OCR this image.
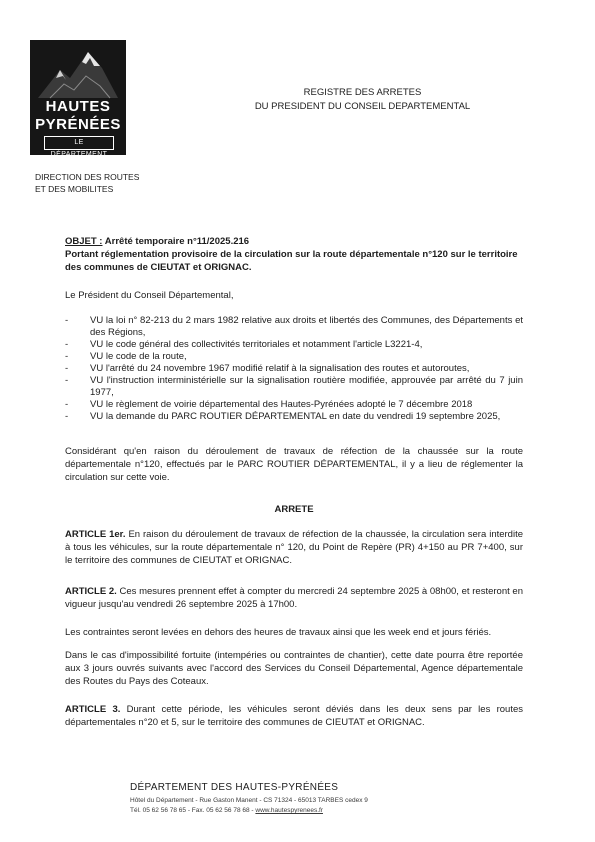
HAUTES
PYRÉNÉES
LE DÉPARTEMENT
REGISTRE DES ARRETES
DU PRESIDENT DU CONSEIL DEPARTEMENTAL
DIRECTION DES ROUTES
ET DES MOBILITES
OBJET : Arrêté temporaire n°11/2025.216
Portant réglementation provisoire de la circulation sur la route départementale n°120 sur le territoire des communes de CIEUTAT et ORIGNAC.
Le Président du Conseil Départemental,
- VU la loi n° 82-213 du 2 mars 1982 relative aux droits et libertés des Communes, des Départements et des Régions,
- VU le code général des collectivités territoriales et notamment l'article L3221-4,
- VU le code de la route,
- VU l'arrêté du 24 novembre 1967 modifié relatif à la signalisation des routes et autoroutes,
- VU l'instruction interministérielle sur la signalisation routière modifiée, approuvée par arrêté du 7 juin 1977,
- VU le règlement de voirie départemental des Hautes-Pyrénées adopté le 7 décembre 2018
- VU la demande du PARC ROUTIER DÉPARTEMENTAL en date du vendredi 19 septembre 2025,
Considérant qu'en raison du déroulement de travaux de réfection de la chaussée sur la route départementale n°120, effectués par le PARC ROUTIER DÉPARTEMENTAL, il y a lieu de réglementer la circulation sur cette voie.
ARRETE
ARTICLE 1er. En raison du déroulement de travaux de réfection de la chaussée, la circulation sera interdite à tous les véhicules, sur la route départementale n° 120, du Point de Repère (PR) 4+150 au PR 7+400, sur le territoire des communes de CIEUTAT et ORIGNAC.
ARTICLE 2. Ces mesures prennent effet à compter du mercredi 24 septembre 2025 à 08h00, et resteront en vigueur jusqu'au vendredi 26 septembre 2025 à 17h00.
Les contraintes seront levées en dehors des heures de travaux ainsi que les week end et jours fériés.
Dans le cas d'impossibilité fortuite (intempéries ou contraintes de chantier), cette date pourra être reportée aux 3 jours ouvrés suivants avec l'accord des Services du Conseil Départemental, Agence départementale des Routes du Pays des Coteaux.
ARTICLE 3. Durant cette période, les véhicules seront déviés dans les deux sens par les routes départementales n°20 et 5, sur le territoire des communes de CIEUTAT et ORIGNAC.
DÉPARTEMENT DES HAUTES-PYRÉNÉES
Hôtel du Département - Rue Gaston Manent - CS 71324 - 65013 TARBES cedex 9
Tél. 05 62 56 78 65 - Fax. 05 62 56 78 68 - www.hautespyrenees.fr
